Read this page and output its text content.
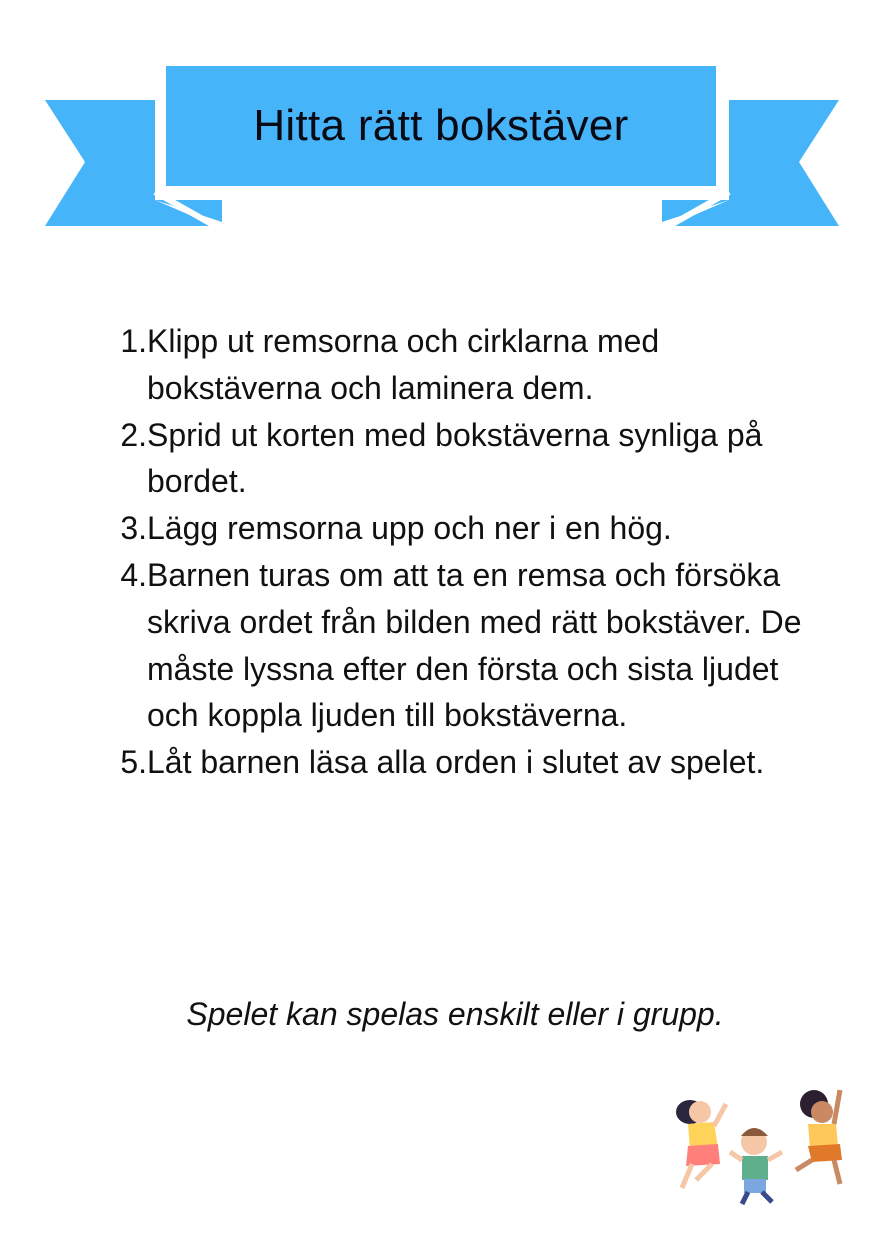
Hitta rätt bokstäver
1. Klipp ut remsorna och cirklarna med bokstäverna och laminera dem.
2. Sprid ut korten med bokstäverna synliga på bordet.
3. Lägg remsorna upp och ner i en hög.
4. Barnen turas om att ta en remsa och försöka skriva ordet från bilden med rätt bokstäver. De måste lyssna efter den första och sista ljudet och koppla ljuden till bokstäverna.
5. Låt barnen läsa alla orden i slutet av spelet.
Spelet kan spelas enskilt eller i grupp.
